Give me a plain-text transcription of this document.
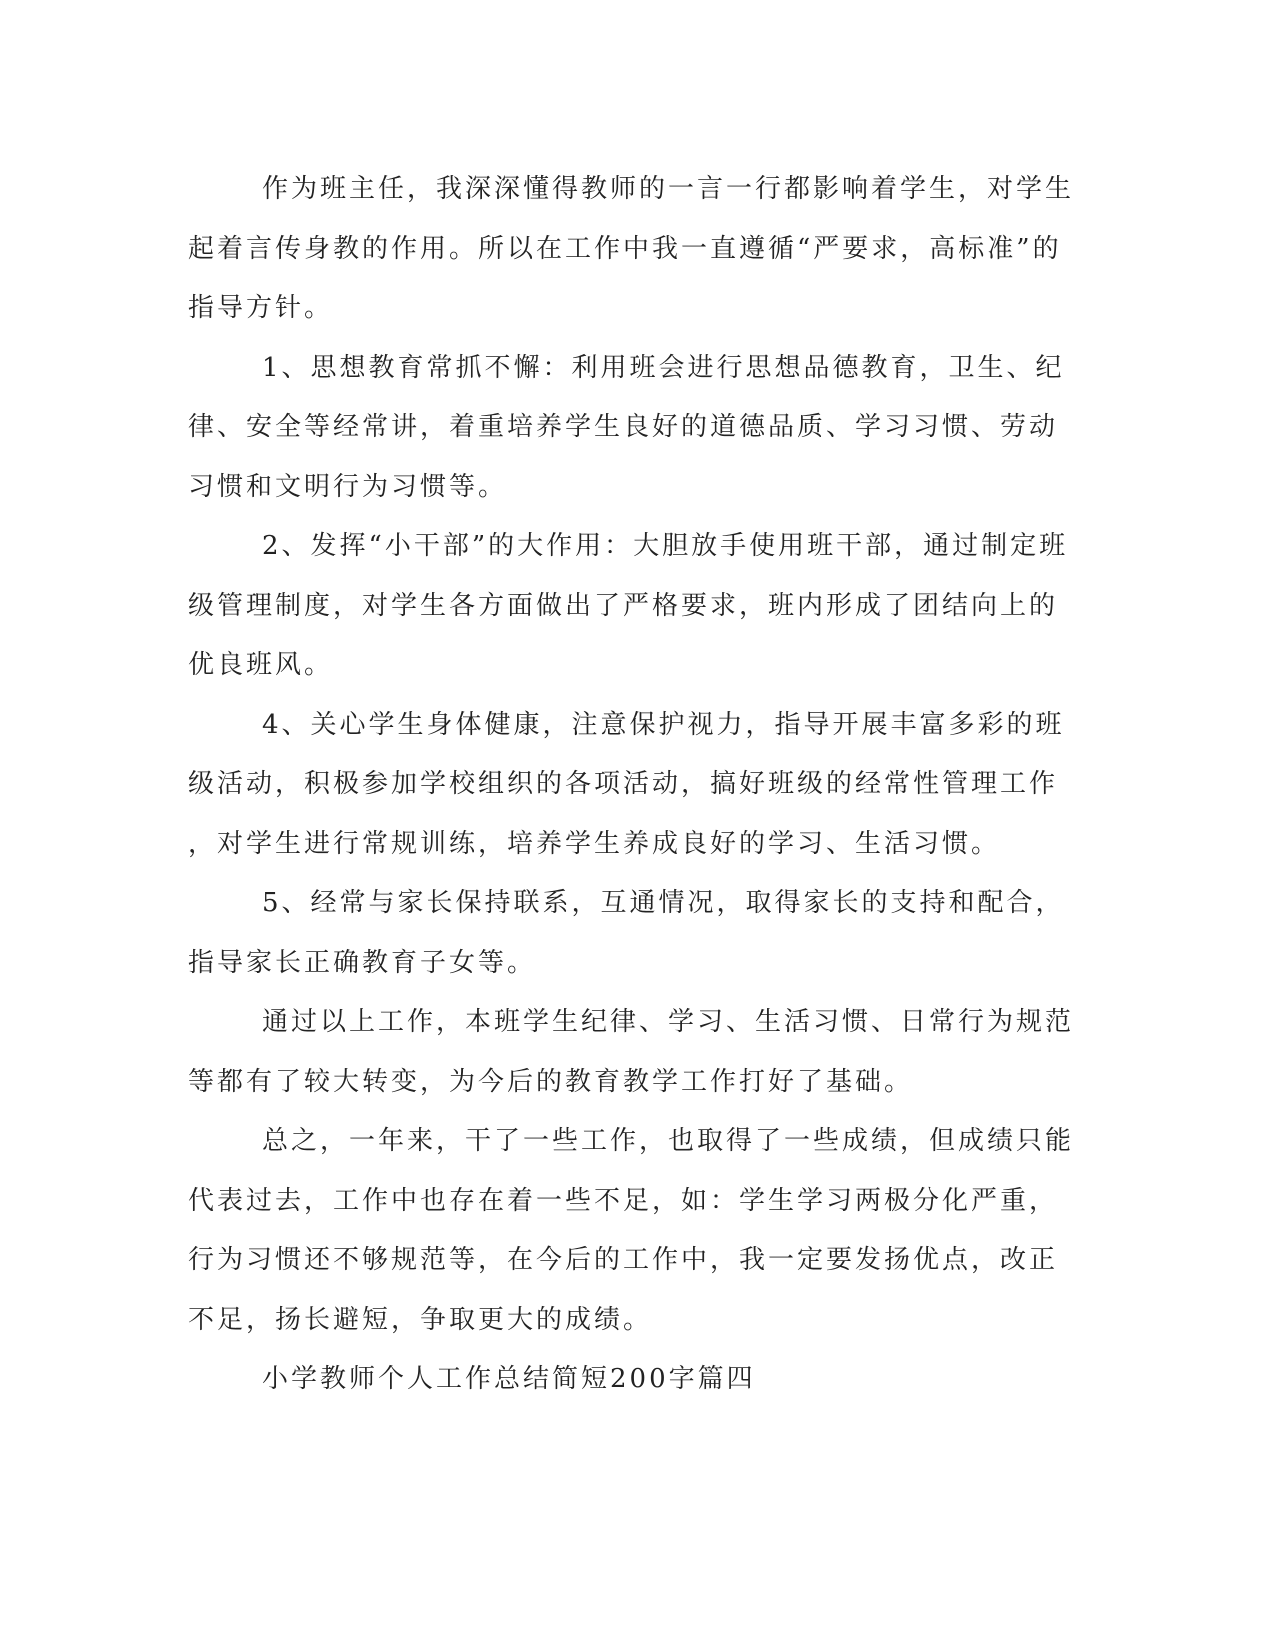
作为班主任，我深深懂得教师的一言一行都影响着学生，对学生
起着言传身教的作用。所以在工作中我一直遵循“严要求，高标准”的
指导方针。

1、思想教育常抓不懈：利用班会进行思想品德教育，卫生、纪
律、安全等经常讲，着重培养学生良好的道德品质、学习习惯、劳动
习惯和文明行为习惯等。

2、发挥“小干部”的大作用：大胆放手使用班干部，通过制定班
级管理制度，对学生各方面做出了严格要求，班内形成了团结向上的
优良班风。

4、关心学生身体健康，注意保护视力，指导开展丰富多彩的班
级活动，积极参加学校组织的各项活动，搞好班级的经常性管理工作
，对学生进行常规训练，培养学生养成良好的学习、生活习惯。

5、经常与家长保持联系，互通情况，取得家长的支持和配合，
指导家长正确教育子女等。

通过以上工作，本班学生纪律、学习、生活习惯、日常行为规范
等都有了较大转变，为今后的教育教学工作打好了基础。

总之，一年来，干了一些工作，也取得了一些成绩，但成绩只能
代表过去，工作中也存在着一些不足，如：学生学习两极分化严重，
行为习惯还不够规范等，在今后的工作中，我一定要发扬优点，改正
不足，扬长避短，争取更大的成绩。

小学教师个人工作总结简短200字篇四
